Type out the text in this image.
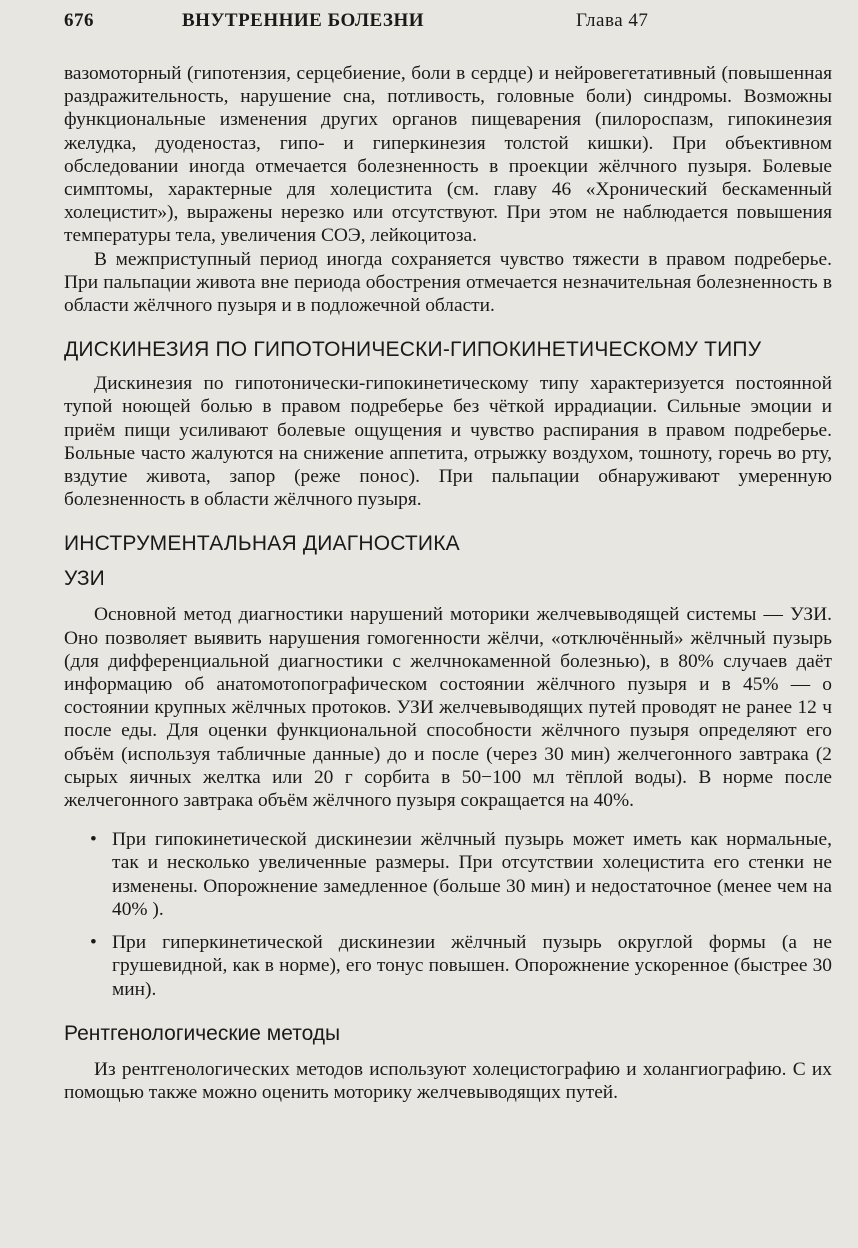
676	ВНУТРЕННИЕ БОЛЕЗНИ	Глава 47

вазомоторный (гипотензия, серцебиение, боли в сердце) и нейровегетативный (повышенная раздражительность, нарушение сна, потливость, головные боли) синдромы. Возможны функциональные изменения других органов пищеварения (пилороспазм, гипокинезия желудка, дуоденостаз, гипо- и гиперкинезия толстой кишки). При объективном обследовании иногда отмечается болезненность в проекции жёлчного пузыря. Болевые симптомы, характерные для холецистита (см. главу 46 «Хронический бескаменный холецистит»), выражены нерезко или отсутствуют. При этом не наблюдается повышения температуры тела, увеличения СОЭ, лейкоцитоза.

В межприступный период иногда сохраняется чувство тяжести в правом подреберье. При пальпации живота вне периода обострения отмечается незначительная болезненность в области жёлчного пузыря и в подложечной области.

ДИСКИНЕЗИЯ ПО ГИПОТОНИЧЕСКИ-ГИПОКИНЕТИЧЕСКОМУ ТИПУ

Дискинезия по гипотонически-гипокинетическому типу характеризуется постоянной тупой ноющей болью в правом подреберье без чёткой иррадиации. Сильные эмоции и приём пищи усиливают болевые ощущения и чувство распирания в правом подреберье. Больные часто жалуются на снижение аппетита, отрыжку воздухом, тошноту, горечь во рту, вздутие живота, запор (реже понос). При пальпации обнаруживают умеренную болезненность в области жёлчного пузыря.

ИНСТРУМЕНТАЛЬНАЯ ДИАГНОСТИКА
УЗИ

Основной метод диагностики нарушений моторики желчевыводящей системы — УЗИ. Оно позволяет выявить нарушения гомогенности жёлчи, «отключённый» жёлчный пузырь (для дифференциальной диагностики с желчнокаменной болезнью), в 80% случаев даёт информацию об анатомотопографическом состоянии жёлчного пузыря и в 45% — о состоянии крупных жёлчных протоков. УЗИ желчевыводящих путей проводят не ранее 12 ч после еды. Для оценки функциональной способности жёлчного пузыря определяют его объём (используя табличные данные) до и после (через 30 мин) желчегонного завтрака (2 сырых яичных желтка или 20 г сорбита в 50−100 мл тёплой воды). В норме после желчегонного завтрака объём жёлчного пузыря сокращается на 40%.

• При гипокинетической дискинезии жёлчный пузырь может иметь как нормальные, так и несколько увеличенные размеры. При отсутствии холецистита его стенки не изменены. Опорожнение замедленное (больше 30 мин) и недостаточное (менее чем на 40% ).
• При гиперкинетической дискинезии жёлчный пузырь округлой формы (а не грушевидной, как в норме), его тонус повышен. Опорожнение ускоренное (быстрее 30 мин).
Рентгенологические методы

Из рентгенологических методов используют холецистографию и холангиографию. С их помощью также можно оценить моторику желчевыводящих путей.
